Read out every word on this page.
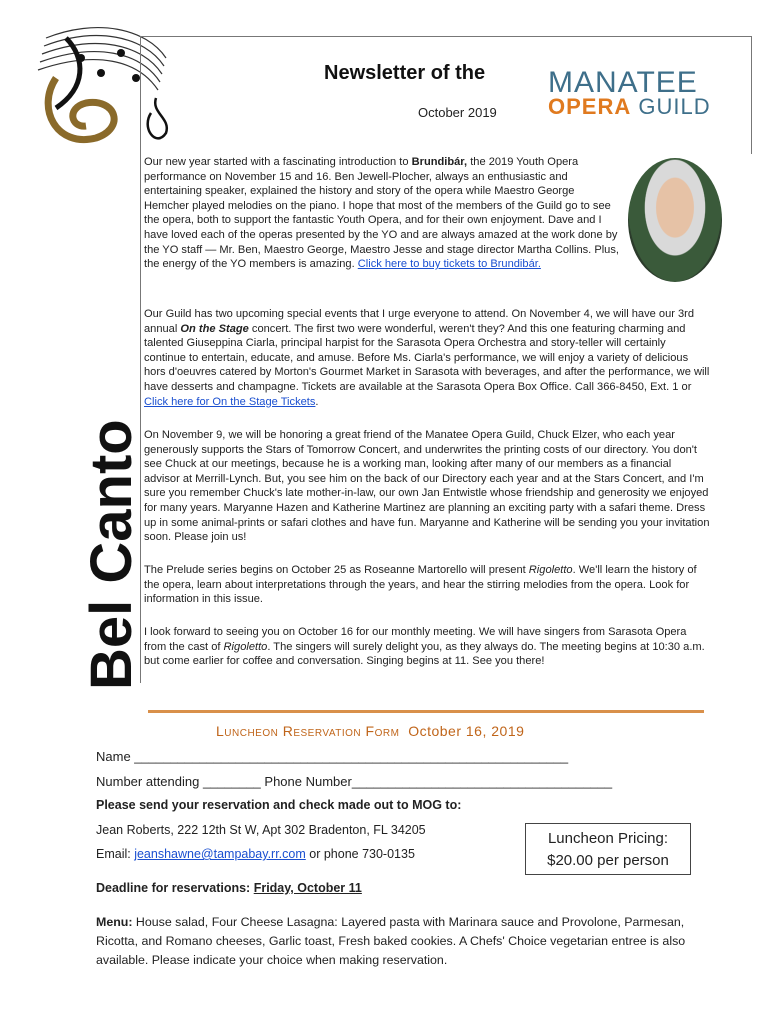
Newsletter of the
October 2019
MANATEE
OPERA GUILD
Bel Canto

Our new year started with a fascinating introduction to Brundibár, the 2019 Youth Opera performance on November 15 and 16. Ben Jewell-Plocher, always an enthusiastic and entertaining speaker, explained the history and story of the opera while Maestro George Hemcher played melodies on the piano. I hope that most of the members of the Guild go to see the opera, both to support the fantastic Youth Opera, and for their own enjoyment. Dave and I have loved each of the operas presented by the YO and are always amazed at the work done by the YO staff — Mr. Ben, Maestro George, Maestro Jesse and stage director Martha Collins. Plus, the energy of the YO members is amazing. Click here to buy tickets to Brundibár.

Our Guild has two upcoming special events that I urge everyone to attend. On November 4, we will have our 3rd annual On the Stage concert. The first two were wonderful, weren't they? And this one featuring charming and talented Giuseppina Ciarla, principal harpist for the Sarasota Opera Orchestra and story-teller will certainly continue to entertain, educate, and amuse. Before Ms. Ciarla's performance, we will enjoy a variety of delicious hors d'oeuvres catered by Morton's Gourmet Market in Sarasota with beverages, and after the performance, we will have desserts and champagne. Tickets are available at the Sarasota Opera Box Office. Call 366-8450, Ext. 1 or Click here for On the Stage Tickets.

On November 9, we will be honoring a great friend of the Manatee Opera Guild, Chuck Elzer, who each year generously supports the Stars of Tomorrow Concert, and underwrites the printing costs of our directory. You don't see Chuck at our meetings, because he is a working man, looking after many of our members as a financial advisor at Merrill-Lynch. But, you see him on the back of our Directory each year and at the Stars Concert, and I'm sure you remember Chuck's late mother-in-law, our own Jan Entwistle whose friendship and generosity we enjoyed for many years. Maryanne Hazen and Katherine Martinez are planning an exciting party with a safari theme. Dress up in some animal-prints or safari clothes and have fun. Maryanne and Katherine will be sending you your invitation soon. Please join us!

The Prelude series begins on October 25 as Roseanne Martorello will present Rigoletto. We'll learn the history of the opera, learn about interpretations through the years, and hear the stirring melodies from the opera. Look for information in this issue.

I look forward to seeing you on October 16 for our monthly meeting. We will have singers from Sarasota Opera from the cast of Rigoletto. The singers will surely delight you, as they always do. The meeting begins at 10:30 a.m. but come earlier for coffee and conversation. Singing begins at 11. See you there!

Luncheon Reservation Form October 16, 2019
Name ____________________________________________________________
Number attending ________ Phone Number____________________________________
Please send your reservation and check made out to MOG to:
Jean Roberts, 222 12th St W, Apt 302 Bradenton, FL 34205
Email: jeanshawne@tampabay.rr.com or phone 730-0135
Luncheon Pricing:
$20.00 per person
Deadline for reservations: Friday, October 11

Menu: House salad, Four Cheese Lasagna: Layered pasta with Marinara sauce and Provolone, Parmesan, Ricotta, and Romano cheeses, Garlic toast, Fresh baked cookies. A Chefs' Choice vegetarian entree is also available. Please indicate your choice when making reservation.
